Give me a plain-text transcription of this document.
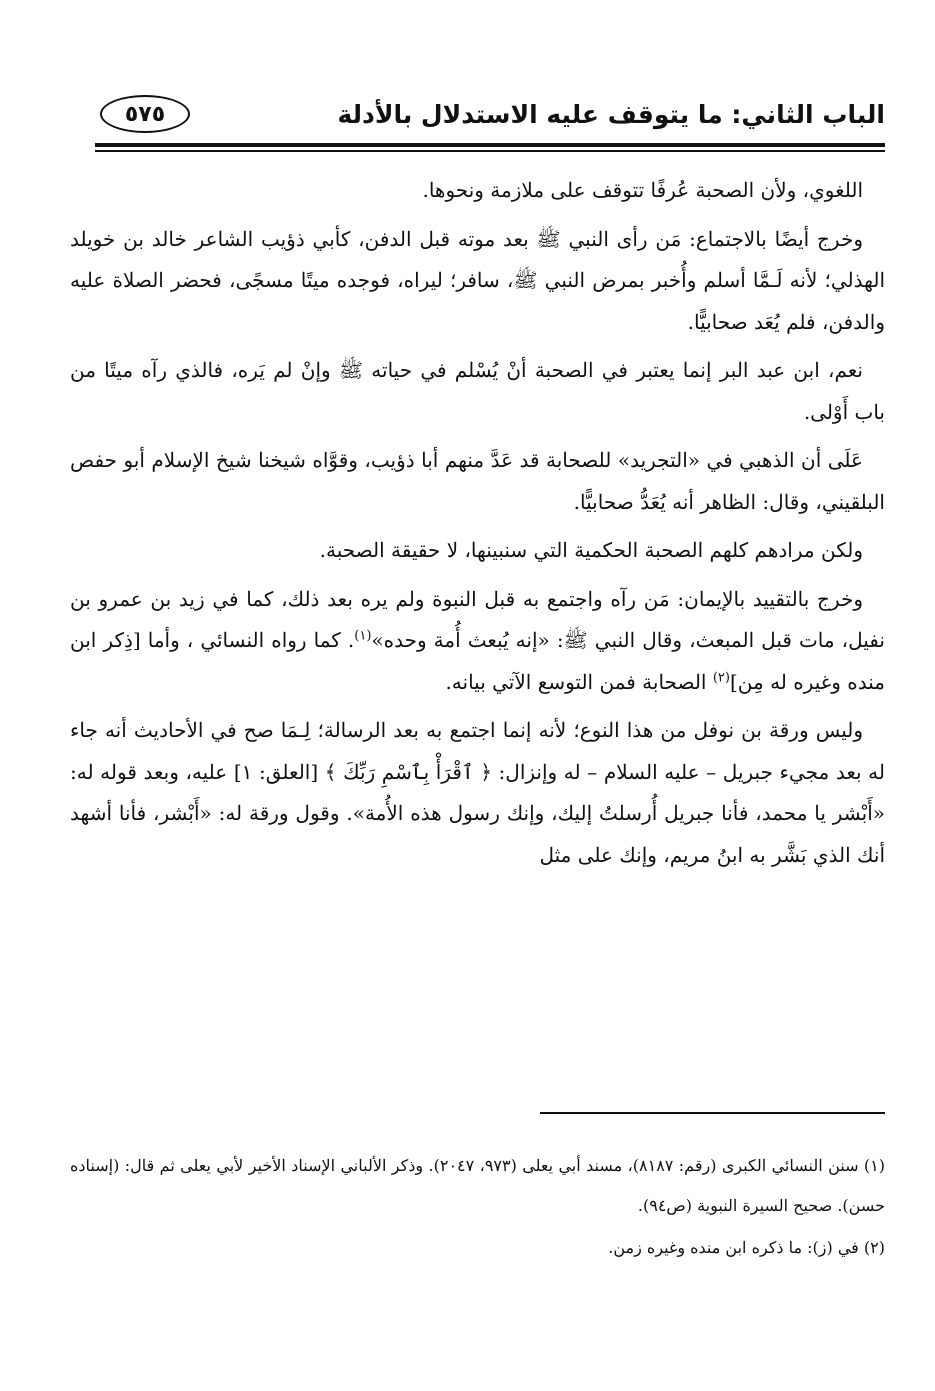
الباب الثاني: ما يتوقف عليه الاستدلال بالأدلة
٥٧٥

اللغوي، ولأن الصحبة عُرفًا تتوقف على ملازمة ونحوها.

وخرج أيضًا بالاجتماع: مَن رأى النبي ﷺ بعد موته قبل الدفن، كأبي ذؤيب الشاعر خالد بن خويلد الهذلي؛ لأنه لَـمَّا أسلم وأُخبر بمرض النبي ﷺ، سافر؛ ليراه، فوجده ميتًا مسجًى، فحضر الصلاة عليه والدفن، فلم يُعَد صحابيًّا.

نعم، ابن عبد البر إنما يعتبر في الصحبة أنْ يُسْلم في حياته ﷺ وإنْ لم يَره، فالذي رآه ميتًا من باب أَوْلى.

عَلَى أن الذهبي في «التجريد» للصحابة قد عَدَّ منهم أبا ذؤيب، وقوَّاه شيخنا شيخ الإسلام أبو حفص البلقيني، وقال: الظاهر أنه يُعَدُّ صحابيًّا.

ولكن مرادهم كلهم الصحبة الحكمية التي سنبينها، لا حقيقة الصحبة.

وخرج بالتقييد بالإيمان: مَن رآه واجتمع به قبل النبوة ولم يره بعد ذلك، كما في زيد بن عمرو بن نفيل، مات قبل المبعث، وقال النبي ﷺ: «إنه يُبعث أُمة وحده»$^{(١)}$. كما رواه النسائي ، وأما [ذِكر ابن منده وغيره له مِن]$^{(٢)}$ الصحابة فمن التوسع الآتي بيانه.

وليس ورقة بن نوفل من هذا النوع؛ لأنه إنما اجتمع به بعد الرسالة؛ لِـمَا صح في الأحاديث أنه جاء له بعد مجيء جبريل – عليه السلام – له وإنزال: ﴿ ٱقْرَأْ بِٱسْمِ رَبِّكَ ﴾ [العلق: ١] عليه، وبعد قوله له: «أَبْشر يا محمد، فأنا جبريل أُرسلتُ إليك، وإنك رسول هذه الأُمة». وقول ورقة له: «أَبْشر، فأنا أشهد أنك الذي بَشَّر به ابنُ مريم، وإنك على مثل

(١) سنن النسائي الكبرى (رقم: ٨١٨٧)، مسند أبي يعلى (٩٧٣، ٢٠٤٧). وذكر الألباني الإسناد الأخير لأبي يعلى ثم قال: (إسناده حسن). صحيح السيرة النبوية (ص٩٤).

(٢) في (ز): ما ذكره ابن منده وغيره زمن.
